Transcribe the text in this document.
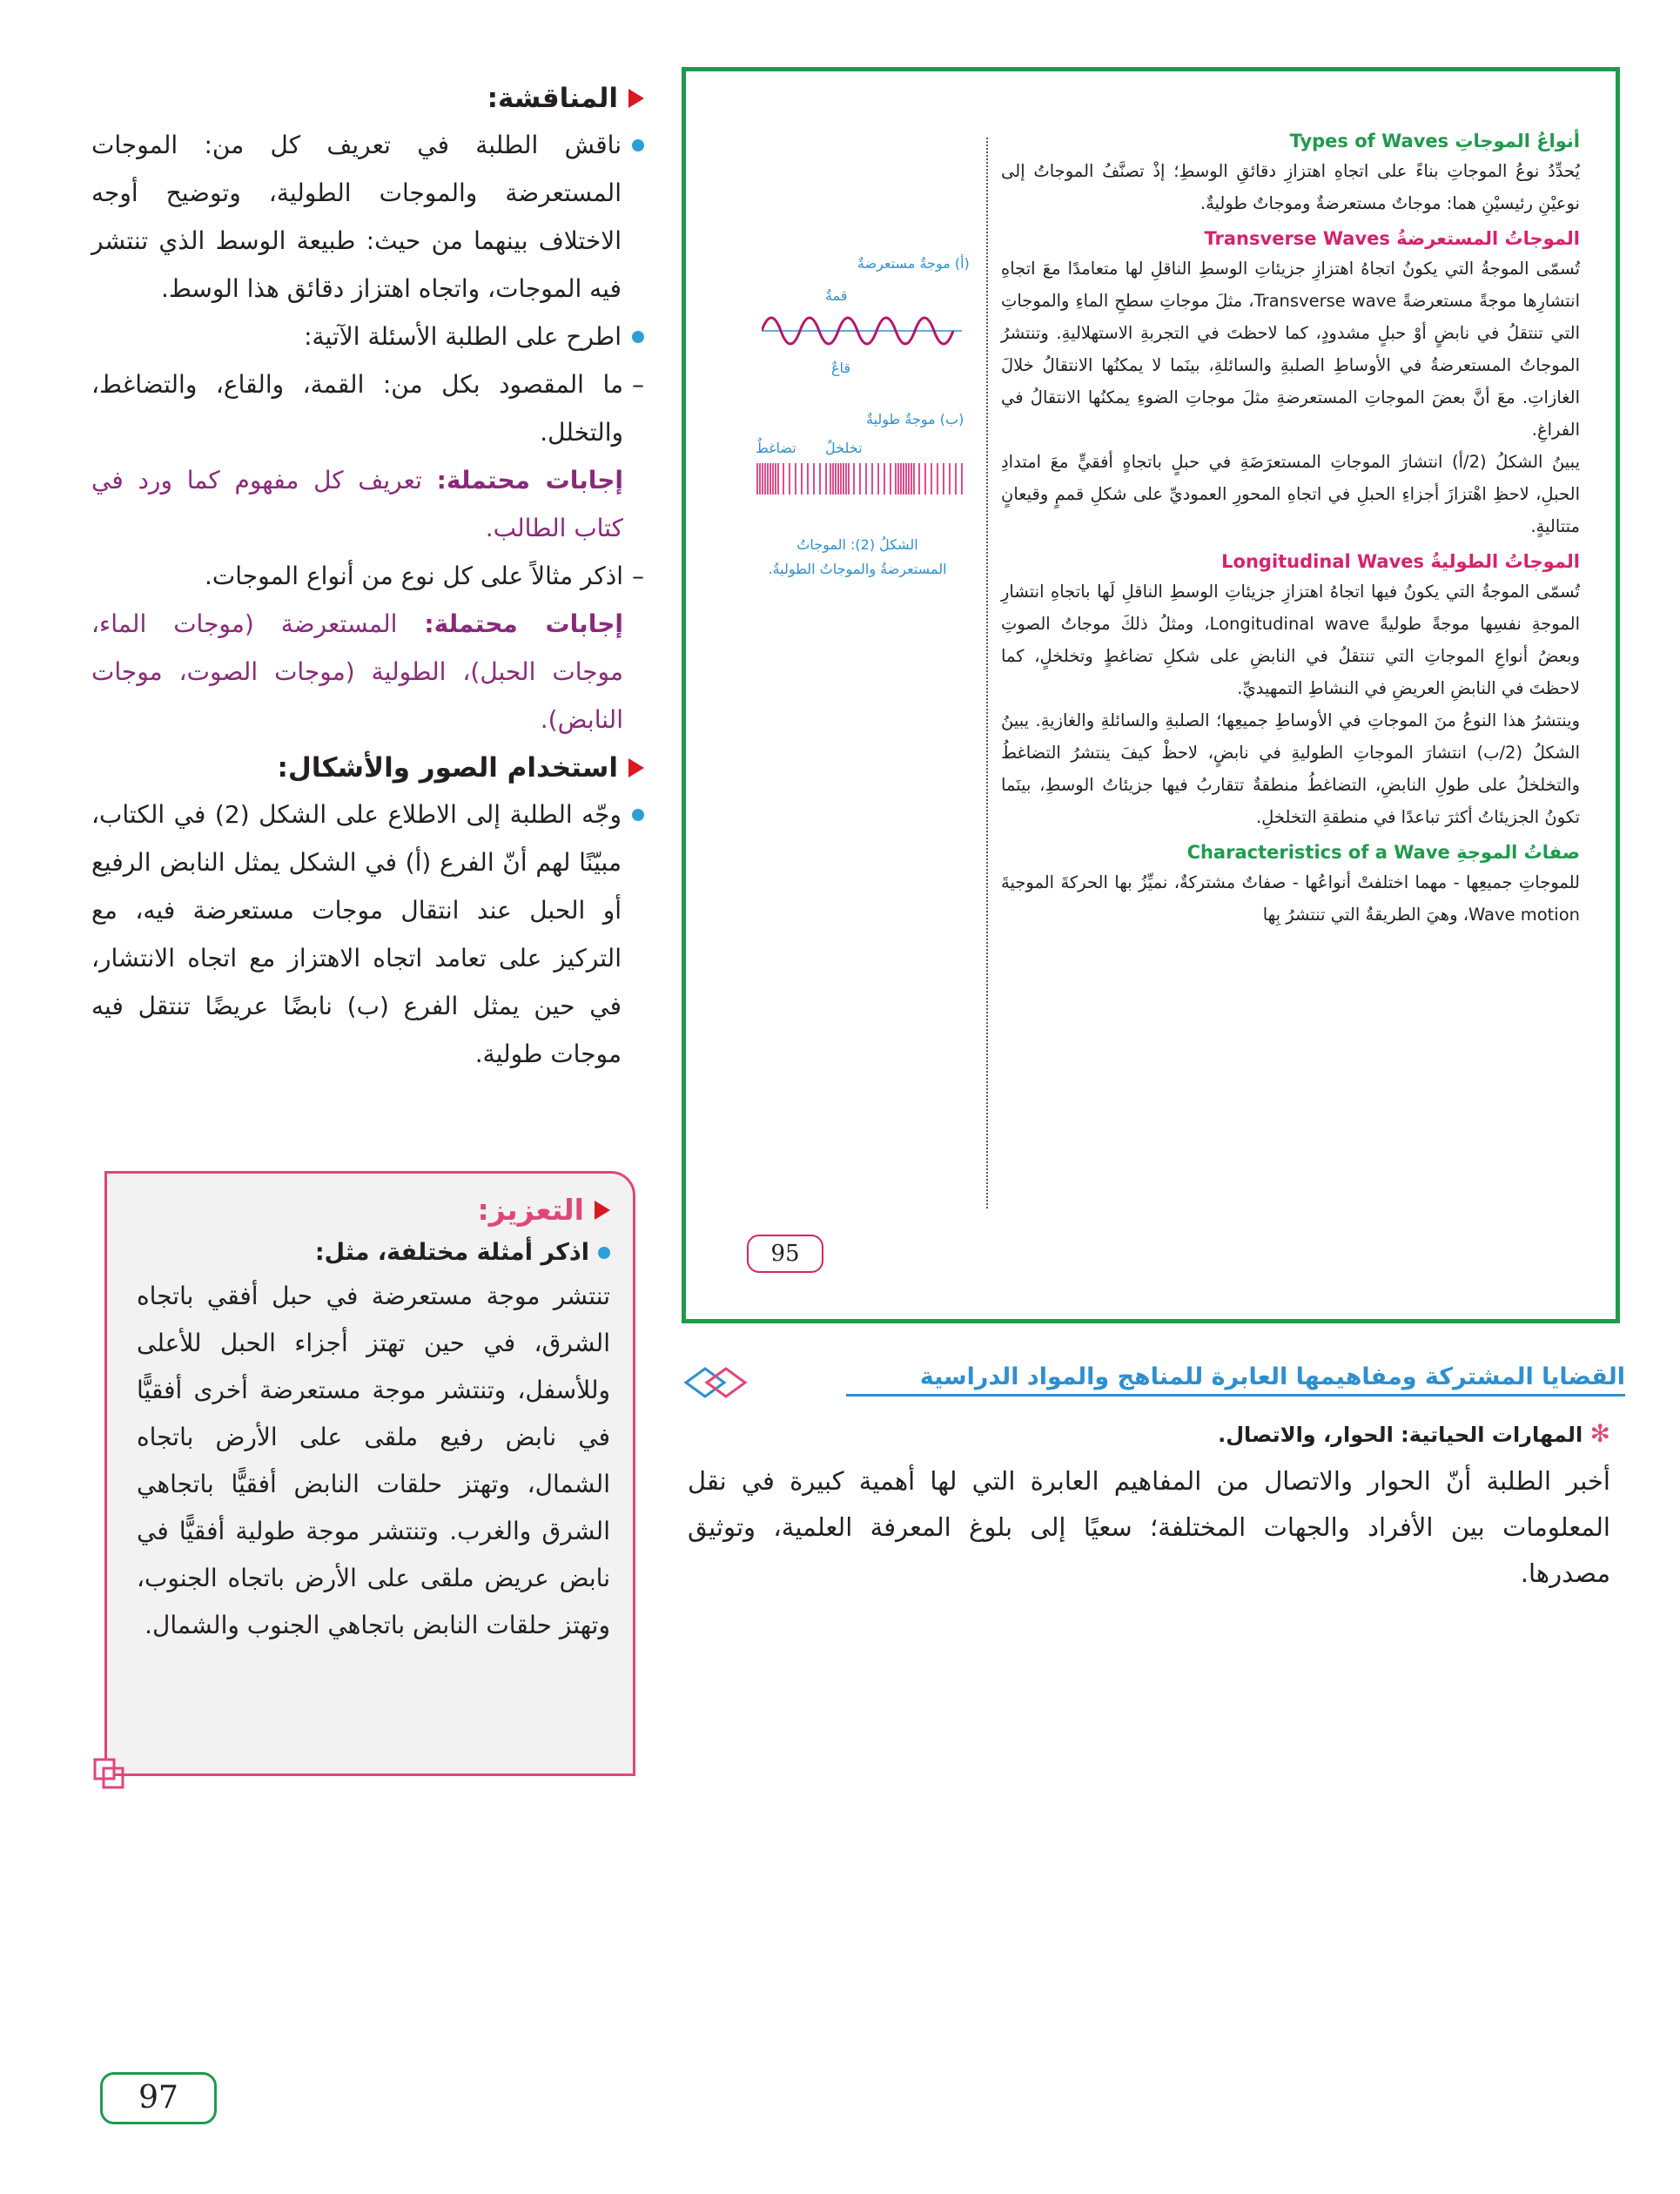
المناقشة:

ناقش الطلبة في تعريف كل من: الموجات المستعرضة والموجات الطولية، وتوضيح أوجه الاختلاف بينهما من حيث: طبيعة الوسط الذي تنتشر فيه الموجات، واتجاه اهتزاز دقائق هذا الوسط.

اطرح على الطلبة الأسئلة الآتية:

–

ما المقصود بكل من: القمة، والقاع، والتضاغط، والتخلل.

إجابات محتملة: تعريف كل مفهوم كما ورد في كتاب الطالب.

–

اذكر مثالاً على كل نوع من أنواع الموجات.

إجابات محتملة: المستعرضة (موجات الماء، موجات الحبل)، الطولية (موجات الصوت، موجات النابض).

استخدام الصور والأشكال:

وجّه الطلبة إلى الاطلاع على الشكل (2) في الكتاب، مبيّنًا لهم أنّ الفرع (أ) في الشكل يمثل النابض الرفيع أو الحبل عند انتقال موجات مستعرضة فيه، مع التركيز على تعامد اتجاه الاهتزاز مع اتجاه الانتشار، في حين يمثل الفرع (ب) نابضًا عريضًا تنتقل فيه موجات طولية.

التعزيز:
اذكر أمثلة مختلفة، مثل:
تنتشر موجة مستعرضة في حبل أفقي باتجاه الشرق، في حين تهتز أجزاء الحبل للأعلى وللأسفل، وتنتشر موجة مستعرضة أخرى أفقيًّا في نابض رفيع ملقى على الأرض باتجاه الشمال، وتهتز حلقات النابض أفقيًّا باتجاهي الشرق والغرب. وتنتشر موجة طولية أفقيًّا في نابض عريض ملقى على الأرض باتجاه الجنوب، وتهتز حلقات النابض باتجاهي الجنوب والشمال.

أنواعُ الموجاتِ Types of Waves

يُحدِّدُ نوعُ الموجاتِ بناءً على اتجاهِ اهتزازِ دقائقِ الوسطِ؛ إذْ تصنَّفُ الموجاتُ إلى نوعيْنِ رئيسيْنِ هما: موجاتٌ مستعرضةٌ وموجاتٌ طوليةٌ.

الموجاتُ المستعرضةُ Transverse Waves

تُسمّى الموجةُ التي يكونُ اتجاهُ اهتزازِ جزيئاتِ الوسطِ الناقلِ لها متعامدًا معَ اتجاهِ انتشارِها موجةً مستعرضةً Transverse wave، مثلَ موجاتِ سطحِ الماءِ والموجاتِ التي تنتقلُ في نابضٍ أوْ حبلٍ مشدودٍ، كما لاحظتَ في التجربةِ الاستهلاليةِ. وتنتشرُ الموجاتُ المستعرضةُ في الأوساطِ الصلبةِ والسائلةِ، بينَما لا يمكنُها الانتقالُ خلالَ الغازاتِ. معَ أنَّ بعضَ الموجاتِ المستعرضةِ مثلَ موجاتِ الضوءِ يمكنُها الانتقالُ في الفراغِ.

يبينُ الشكلُ (2/أ) انتشارَ الموجاتِ المستعرَضَةِ في حبلٍ باتجاهٍ أفقيٍّ معَ امتدادِ الحبلِ، لاحظِ اهْتزازَ أجزاءِ الحبلِ في اتجاهِ المحورِ العموديِّ على شكلِ قممٍ وقيعانٍ متتاليةٍ.

الموجاتُ الطوليةُ Longitudinal Waves

تُسمّى الموجةُ التي يكونُ فيها اتجاهُ اهتزازِ جزيئاتِ الوسطِ الناقلِ لَها باتجاهِ انتشارِ الموجةِ نفسِها موجةً طوليةً Longitudinal wave، ومثلُ ذلكَ موجاتُ الصوتِ وبعضُ أنواعِ الموجاتِ التي تنتقلُ في النابضِ على شكلِ تضاغطٍ وتخلخلٍ، كما لاحظتَ في النابضِ العريضِ في النشاطِ التمهيديِّ.

وينتشرُ هذا النوعُ منَ الموجاتِ في الأوساطِ جميعِها؛ الصلبةِ والسائلةِ والغازيةِ. يبينُ الشكلُ (2/ب) انتشارَ الموجاتِ الطوليةِ في نابضٍ، لاحظْ كيفَ ينتشرُ التضاغطُ والتخلخلُ على طولِ النابضِ، التضاغطُ منطقةٌ تتقاربُ فيها جزيئاتُ الوسطِ، بينَما تكونُ الجزيئاتُ أكثرَ تباعدًا في منطقةِ التخلخلِ.

صفاتُ الموجةِ Characteristics of a Wave

للموجاتِ جميعِها - مهما اختلفتْ أنواعُها - صفاتٌ مشتركةٌ، نميِّزُ بها الحركةَ الموجيةَ Wave motion، وهيَ الطريقةُ التي تنتشرُ بِها

(أ) موجةٌ مستعرضةٌ
قمةٌ
قاعٌ
(ب) موجةٌ طوليةٌ
تخلخلٌ
تضاغطٌ
الشكلُ (2): الموجاتُ المستعرضةُ والموجاتُ الطوليةُ.
95
القضايا المشتركة ومفاهيمها العابرة للمناهج والمواد الدراسية
✻ المهارات الحياتية: الحوار، والاتصال.
أخبر الطلبة أنّ الحوار والاتصال من المفاهيم العابرة التي لها أهمية كبيرة في نقل المعلومات بين الأفراد والجهات المختلفة؛ سعيًا إلى بلوغ المعرفة العلمية، وتوثيق مصدرها.
97
